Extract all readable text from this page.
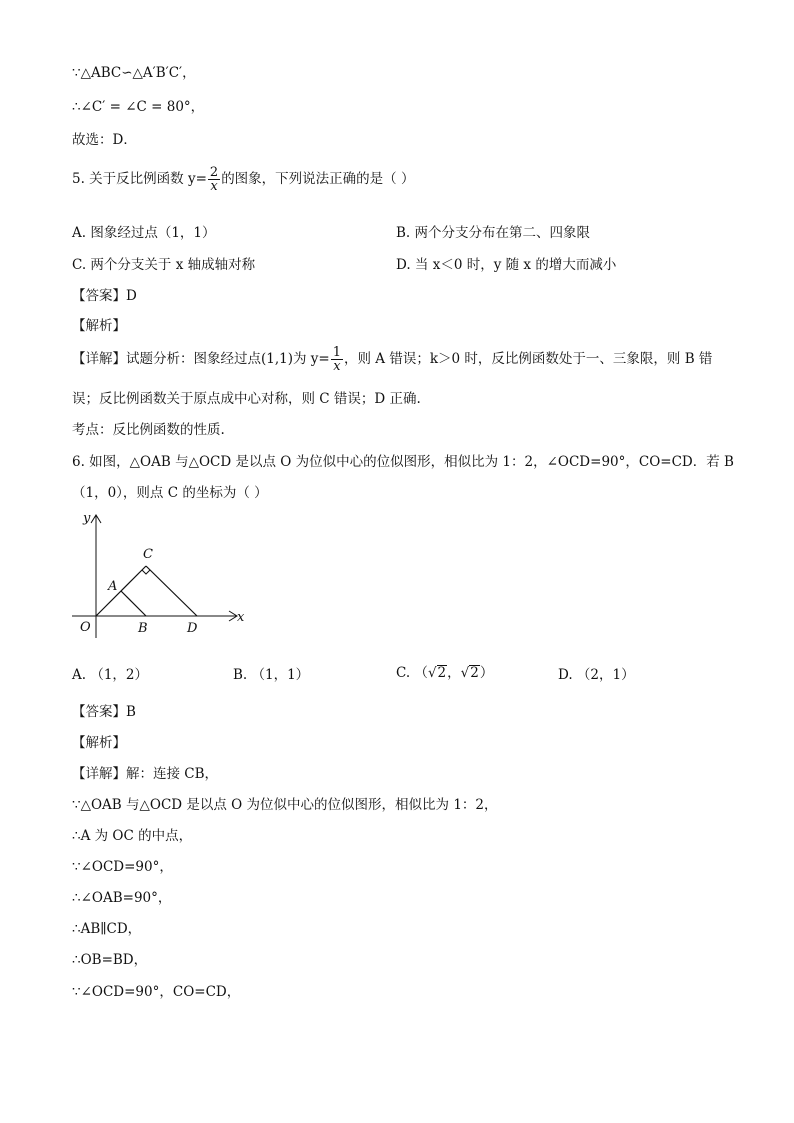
∵△ABC∽△A′B′C′，
∴∠C′ = ∠C = 80°，
故选：D．
5. 关于反比例函数 $y= \frac{2}{x}$ 的图象，下列说法正确的是（ ）
A. 图象经过点（1，1）	B. 两个分支分布在第二、四象限
C. 两个分支关于 x 轴成轴对称	D. 当 x＜0 时，y 随 x 的增大而减小
【答案】D
【解析】
【详解】试题分析：图象经过点(1,1)为 $y= \frac{1}{x}$ ，则 A 错误；k＞0 时，反比例函数处于一、三象限，则 B 错
误；反比例函数关于原点成中心对称，则 C 错误；D 正确.
考点：反比例函数的性质.
6. 如图，△OAB 与△OCD 是以点 O 为位似中心的位似图形，相似比为 1：2，∠OCD=90°，CO=CD．若 B
（1，0），则点 C 的坐标为（ ）
y
x
C
A
O	B	D
A. （1，2）	B. （1，1）	C. （√2，√2）	D. （2，1）
【答案】B
【解析】
【详解】解：连接 CB，
∵△OAB 与△OCD 是以点 O 为位似中心的位似图形，相似比为 1：2，
∴A 为 OC 的中点，
∵∠OCD=90°，
∴∠OAB=90°，
∴AB∥CD，
∴OB=BD，
∵∠OCD=90°，CO=CD，
